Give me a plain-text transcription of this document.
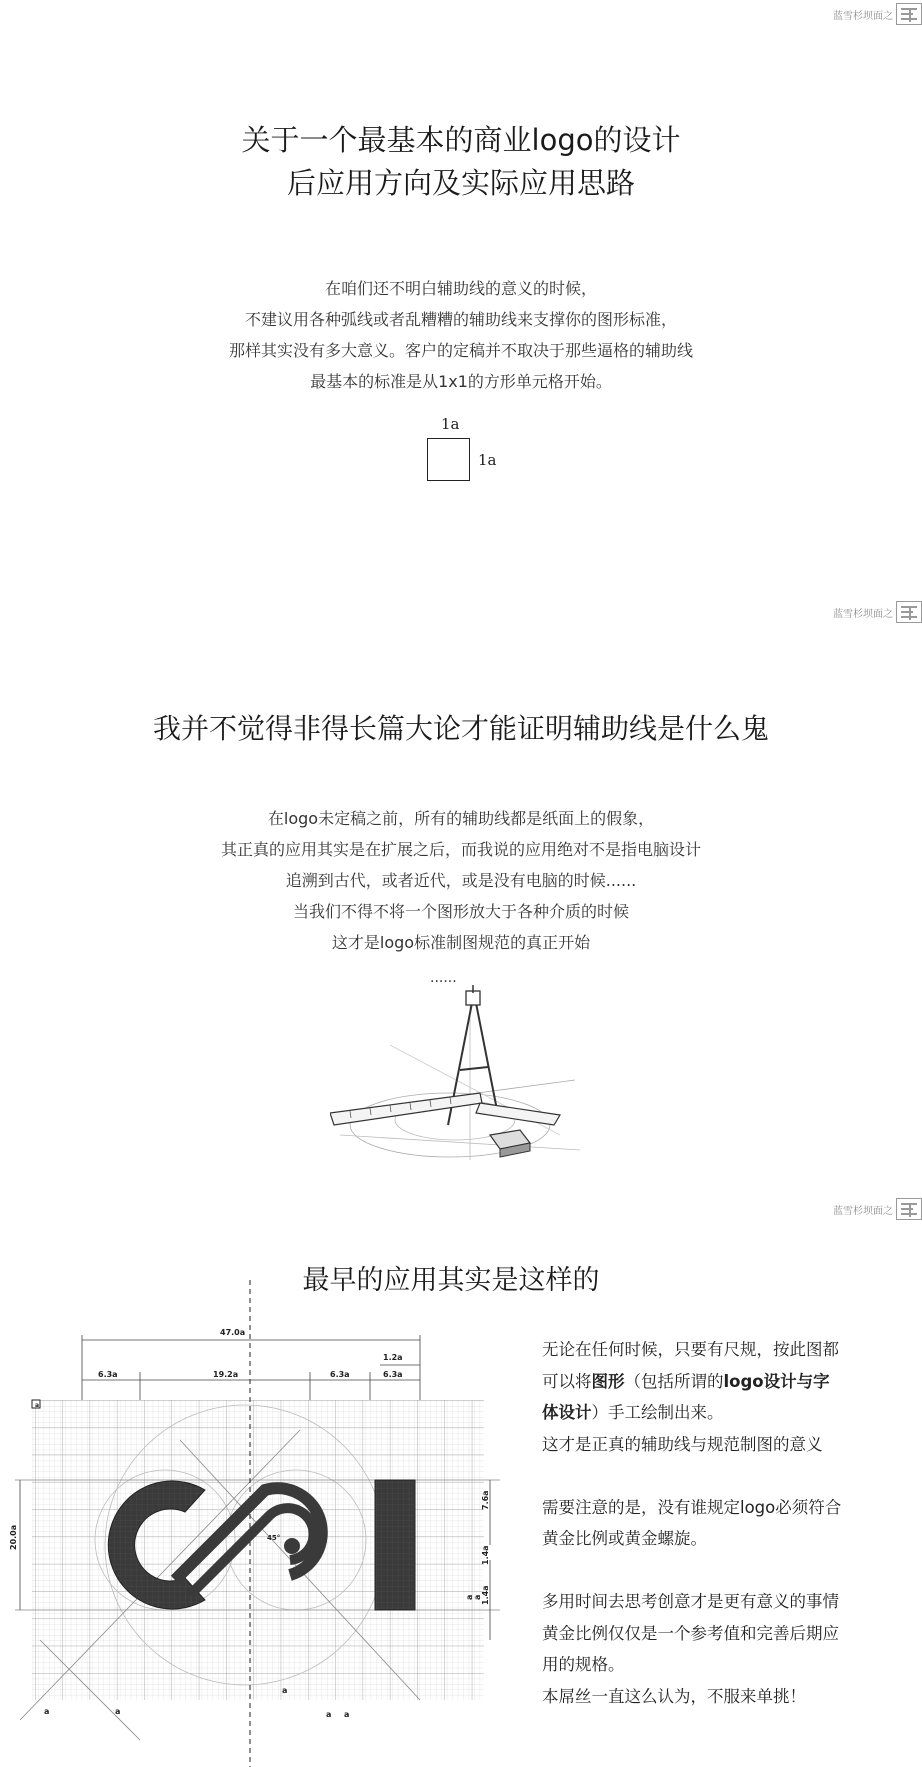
蓝雪杉坝面之
蓝雪杉坝面之
蓝雪杉坝面之
关于一个最基本的商业logo的设计
后应用方向及实际应用思路
在咱们还不明白辅助线的意义的时候，
不建议用各种弧线或者乱糟糟的辅助线来支撑你的图形标准，
那样其实没有多大意义。客户的定稿并不取决于那些逼格的辅助线
最基本的标准是从1x1的方形单元格开始。
1a
1a
我并不觉得非得长篇大论才能证明辅助线是什么鬼
在logo未定稿之前，所有的辅助线都是纸面上的假象，
其正真的应用其实是在扩展之后，而我说的应用绝对不是指电脑设计
追溯到古代，或者近代，或是没有电脑的时候......
当我们不得不将一个图形放大于各种介质的时候
这才是logo标准制图规范的真正开始
......
最早的应用其实是这样的
47.0a
1.2a
6.3a	19.2a	6.3a	6.3a
20.0a
7.6a
1.4a
1.4a
a a
45°
a
a	a
a
a a
无论在任何时候，只要有尺规，按此图都
可以将图形（包括所谓的logo设计与字
体设计）手工绘制出来。
这才是正真的辅助线与规范制图的意义
需要注意的是，没有谁规定logo必须符合
黄金比例或黄金螺旋。
多用时间去思考创意才是更有意义的事情
黄金比例仅仅是一个参考值和完善后期应
用的规格。
本屌丝一直这么认为，不服来单挑！
